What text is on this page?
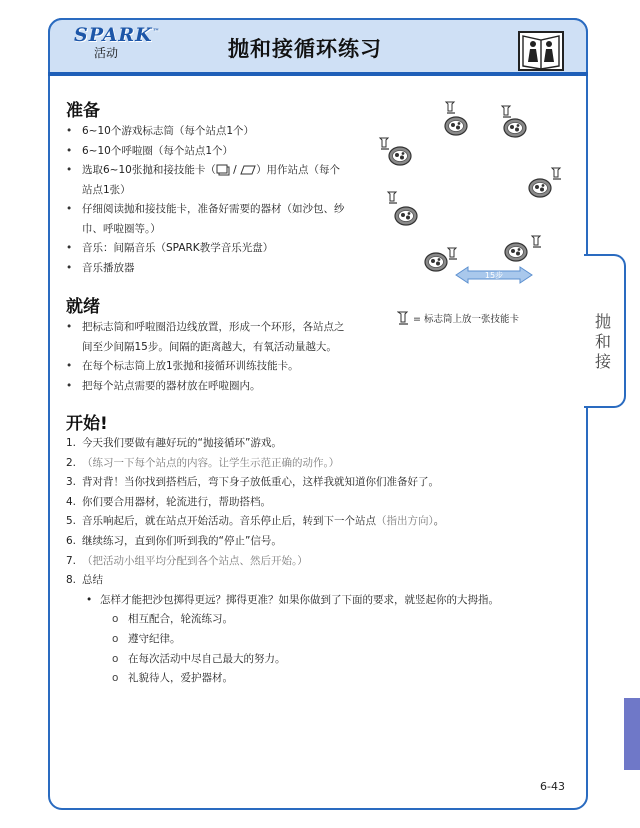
SPARK™
活动	抛和接循环练习
抛和接
准备
• 6~10个游戏标志筒（每个站点1个）
• 6~10个呼啦圈（每个站点1个）
• 选取6~10张抛和接技能卡（ / ）用作站点（每个
站点1张）
• 仔细阅读抛和接技能卡，准备好需要的器材（如沙包、纱
巾、呼啦圈等。）
• 音乐：间隔音乐（SPARK教学音乐光盘）
• 音乐播放器
15步
= 标志筒上放一张技能卡
就绪
• 把标志筒和呼啦圈沿边线放置，形成一个环形，各站点之
间至少间隔15步。间隔的距离越大，有氧活动量越大。
• 在每个标志筒上放1张抛和接循环训练技能卡。
• 把每个站点需要的器材放在呼啦圈内。
开始!
1. 今天我们要做有趣好玩的“抛接循环”游戏。
2. （练习一下每个站点的内容。让学生示范正确的动作。）
3. 背对背！当你找到搭档后，弯下身子放低重心，这样我就知道你们准备好了。
4. 你们要合用器材，轮流进行，帮助搭档。
5. 音乐响起后，就在站点开始活动。音乐停止后，转到下一个站点（指出方向）。
6. 继续练习，直到你们听到我的“停止”信号。
7. （把活动小组平均分配到各个站点、然后开始。）
8. 总结
• 怎样才能把沙包掷得更远？掷得更准？如果你做到了下面的要求，就竖起你的大拇指。
o 相互配合，轮流练习。
o 遵守纪律。
o 在每次活动中尽自己最大的努力。
o 礼貌待人，爱护器材。
6-43
